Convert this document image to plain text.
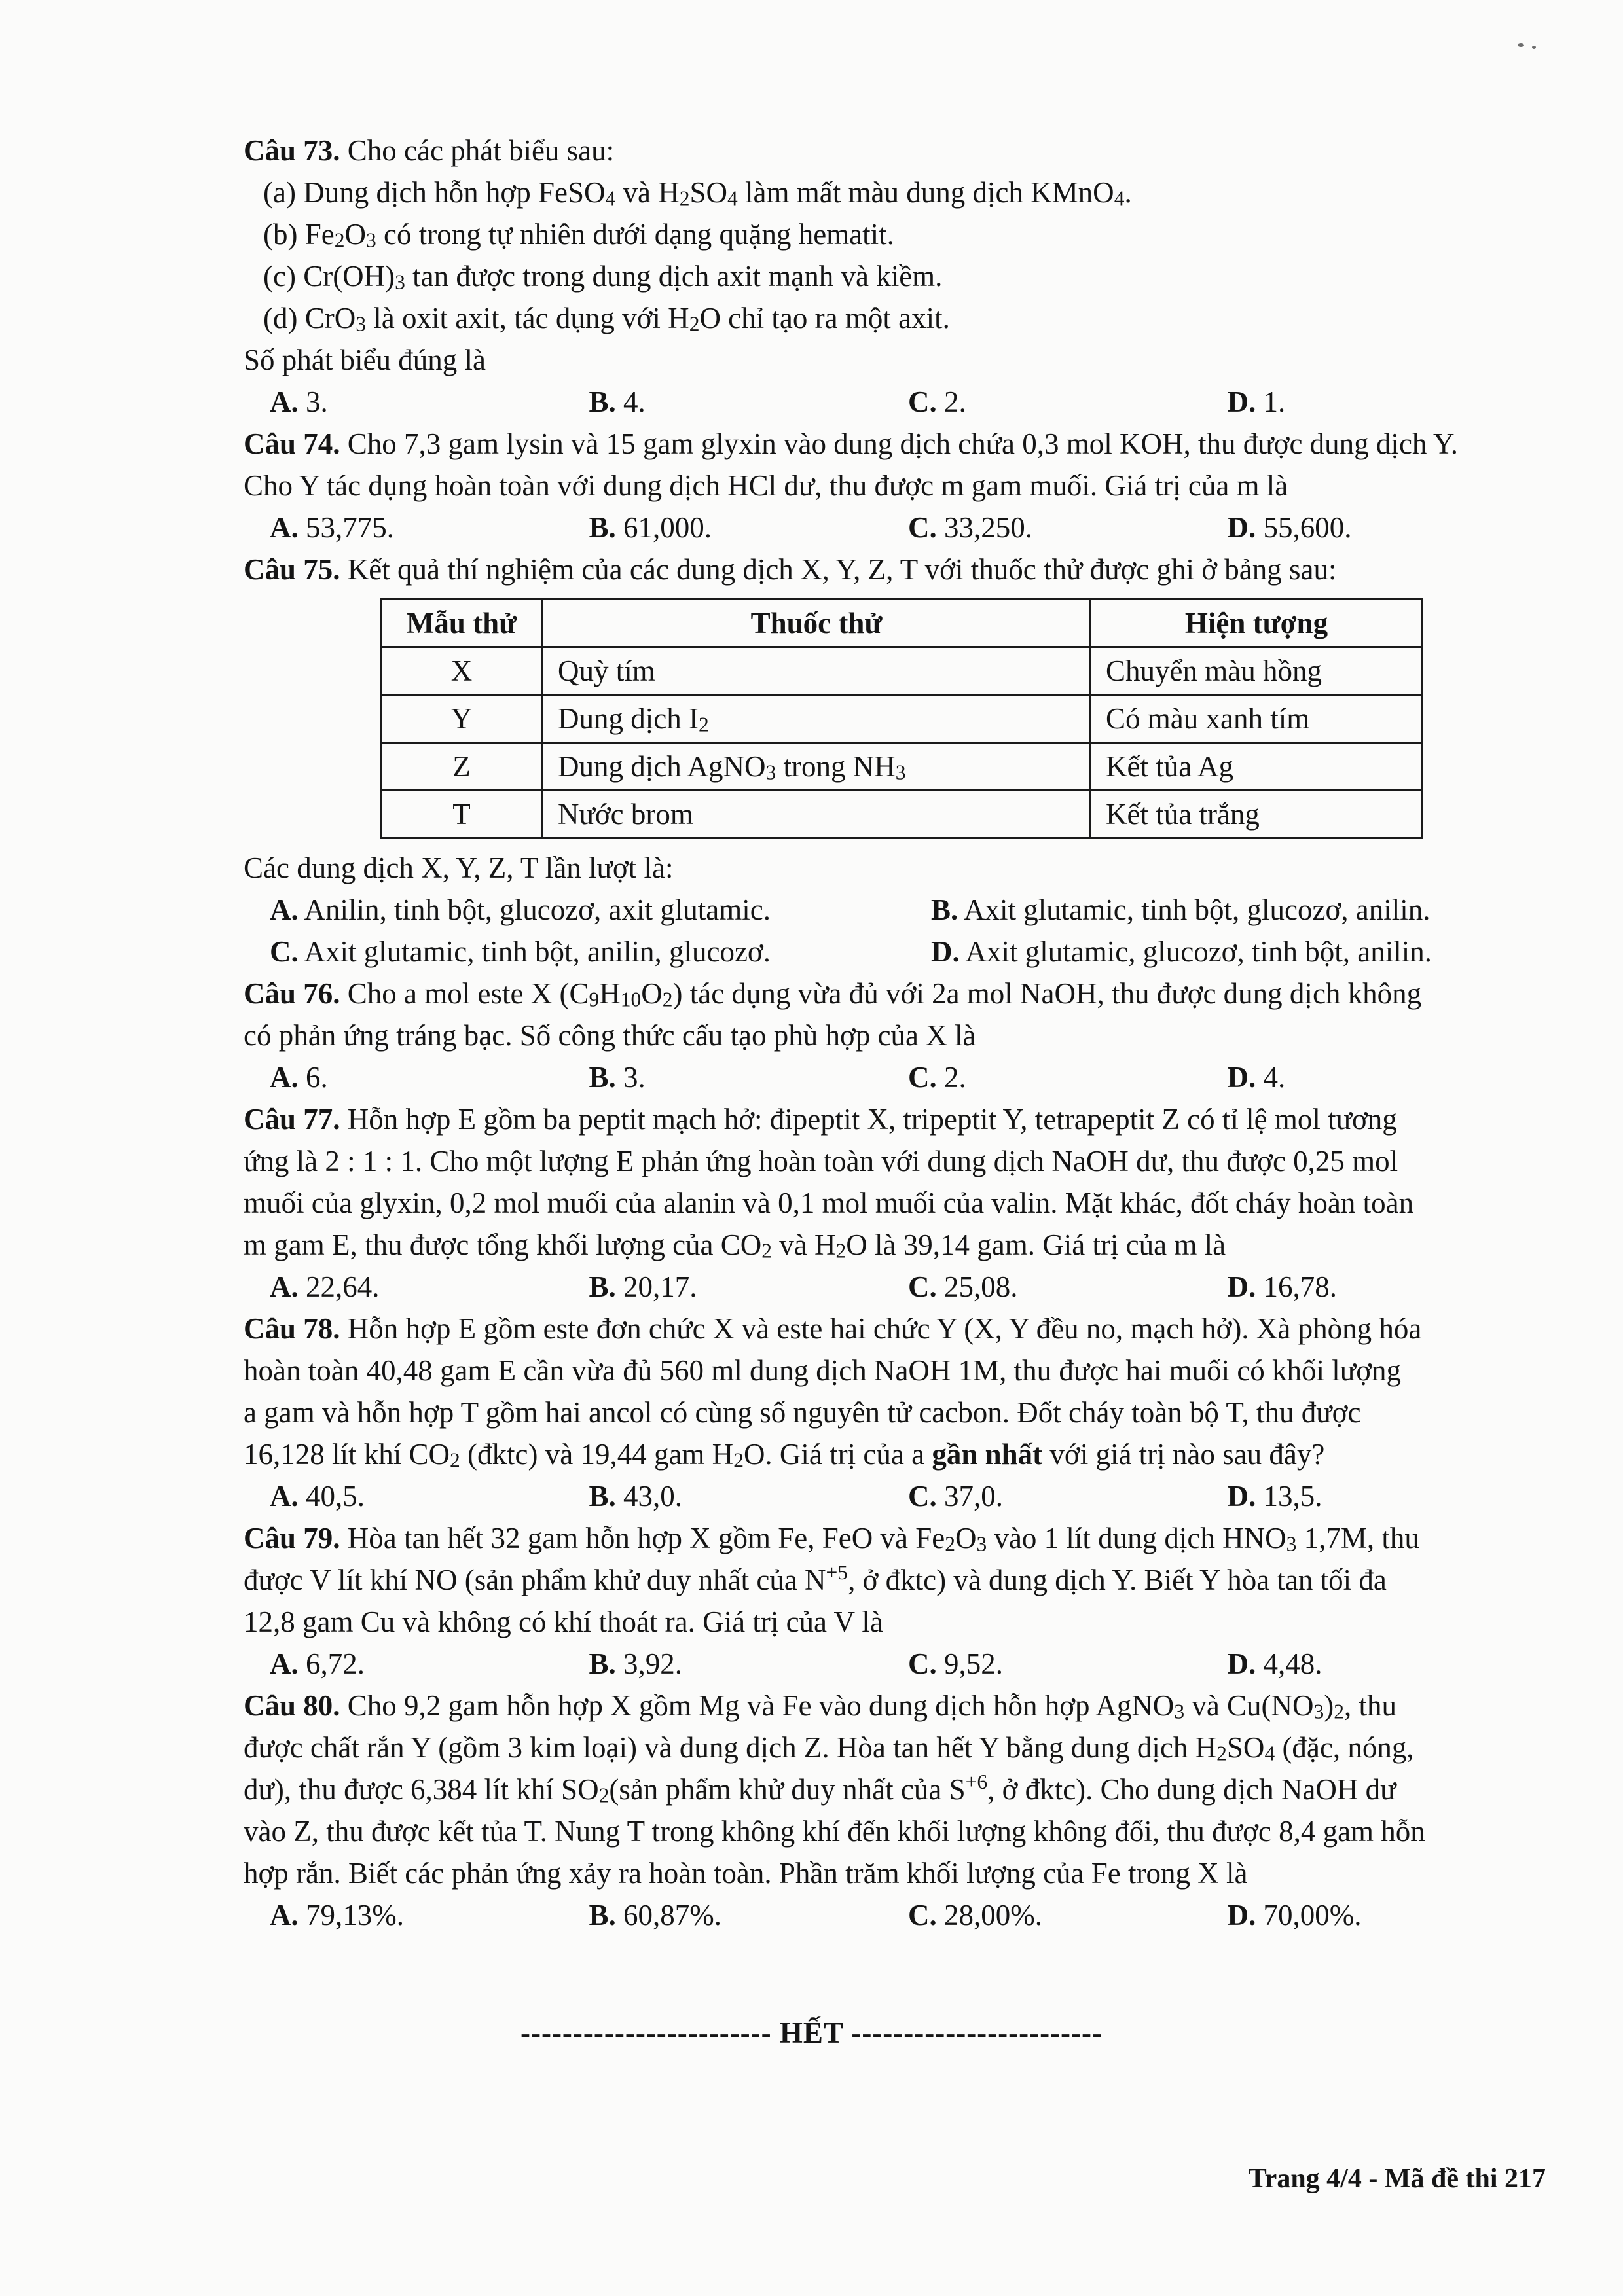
Câu 73. Cho các phát biểu sau:
(a) Dung dịch hỗn hợp FeSO$_4$ và $H_2SO_4$ làm mất màu dung dịch KMnO$_4$.
(b) $Fe_2O_3$ có trong tự nhiên dưới dạng quặng hematit.
(c) $Cr(OH)_3$ tan được trong dung dịch axit mạnh và kiềm.
(d) CrO$_3$ là oxit axit, tác dụng với $H_2O$ chỉ tạo ra một axit.
Số phát biểu đúng là
A. 3.	B. 4.	C. 2.	D. 1.
Câu 74. Cho 7,3 gam lysin và 15 gam glyxin vào dung dịch chứa 0,3 mol KOH, thu được dung dịch Y.
Cho Y tác dụng hoàn toàn với dung dịch HCl dư, thu được m gam muối. Giá trị của m là
A. 53,775.	B. 61,000.	C. 33,250.	D. 55,600.
Câu 75. Kết quả thí nghiệm của các dung dịch X, Y, Z, T với thuốc thử được ghi ở bảng sau:
Mẫu thử	Thuốc thử	Hiện tượng
X	Quỳ tím	Chuyển màu hồng
Y	Dung dịch $I_2$	Có màu xanh tím
Z	Dung dịch AgNO$_3$ trong $NH_3$	Kết tủa Ag
T	Nước brom	Kết tủa trắng
Các dung dịch X, Y, Z, T lần lượt là:
A. Anilin, tinh bột, glucozơ, axit glutamic.	B. Axit glutamic, tinh bột, glucozơ, anilin.
C. Axit glutamic, tinh bột, anilin, glucozơ.	D. Axit glutamic, glucozơ, tinh bột, anilin.
Câu 76. Cho a mol este X $(C_9H_{10}O_2)$ tác dụng vừa đủ với 2a mol NaOH, thu được dung dịch không
có phản ứng tráng bạc. Số công thức cấu tạo phù hợp của X là
A. 6.	B. 3.	C. 2.	D. 4.
Câu 77. Hỗn hợp E gồm ba peptit mạch hở: đipeptit X, tripeptit Y, tetrapeptit Z có tỉ lệ mol tương
ứng là 2 : 1 : 1. Cho một lượng E phản ứng hoàn toàn với dung dịch NaOH dư, thu được 0,25 mol
muối của glyxin, 0,2 mol muối của alanin và 0,1 mol muối của valin. Mặt khác, đốt cháy hoàn toàn
m gam E, thu được tổng khối lượng của $CO_2$ và $H_2O$ là 39,14 gam. Giá trị của m là
A. 22,64.	B. 20,17.	C. 25,08.	D. 16,78.
Câu 78. Hỗn hợp E gồm este đơn chức X và este hai chức Y (X, Y đều no, mạch hở). Xà phòng hóa
hoàn toàn 40,48 gam E cần vừa đủ 560 ml dung dịch NaOH 1M, thu được hai muối có khối lượng
a gam và hỗn hợp T gồm hai ancol có cùng số nguyên tử cacbon. Đốt cháy toàn bộ T, thu được
16,128 lít khí $CO_2$ (đktc) và 19,44 gam $H_2O$. Giá trị của a gần nhất với giá trị nào sau đây?
A. 40,5.	B. 43,0.	C. 37,0.	D. 13,5.
Câu 79. Hòa tan hết 32 gam hỗn hợp X gồm Fe, FeO và $Fe_2O_3$ vào 1 lít dung dịch $HNO_3$ 1,7M, thu
được V lít khí NO (sản phẩm khử duy nhất của $N^{+5}$, ở đktc) và dung dịch Y. Biết Y hòa tan tối đa
12,8 gam Cu và không có khí thoát ra. Giá trị của V là
A. 6,72.	B. 3,92.	C. 9,52.	D. 4,48.
Câu 80. Cho 9,2 gam hỗn hợp X gồm Mg và Fe vào dung dịch hỗn hợp AgNO$_3$ và $Cu(NO_3)_2$, thu
được chất rắn Y (gồm 3 kim loại) và dung dịch Z. Hòa tan hết Y bằng dung dịch $H_2SO_4$ (đặc, nóng,
dư), thu được 6,384 lít khí $SO_2(sản$ phẩm khử duy nhất của $S^{+6}$, ở đktc). Cho dung dịch NaOH dư
vào Z, thu được kết tủa T. Nung T trong không khí đến khối lượng không đổi, thu được 8,4 gam hỗn
hợp rắn. Biết các phản ứng xảy ra hoàn toàn. Phần trăm khối lượng của Fe trong X là
A. 79,13%.	B. 60,87%.	C. 28,00%.	D. 70,00%.
------------------------ HẾT ------------------------
Trang 4/4 - Mã đề thi 217
